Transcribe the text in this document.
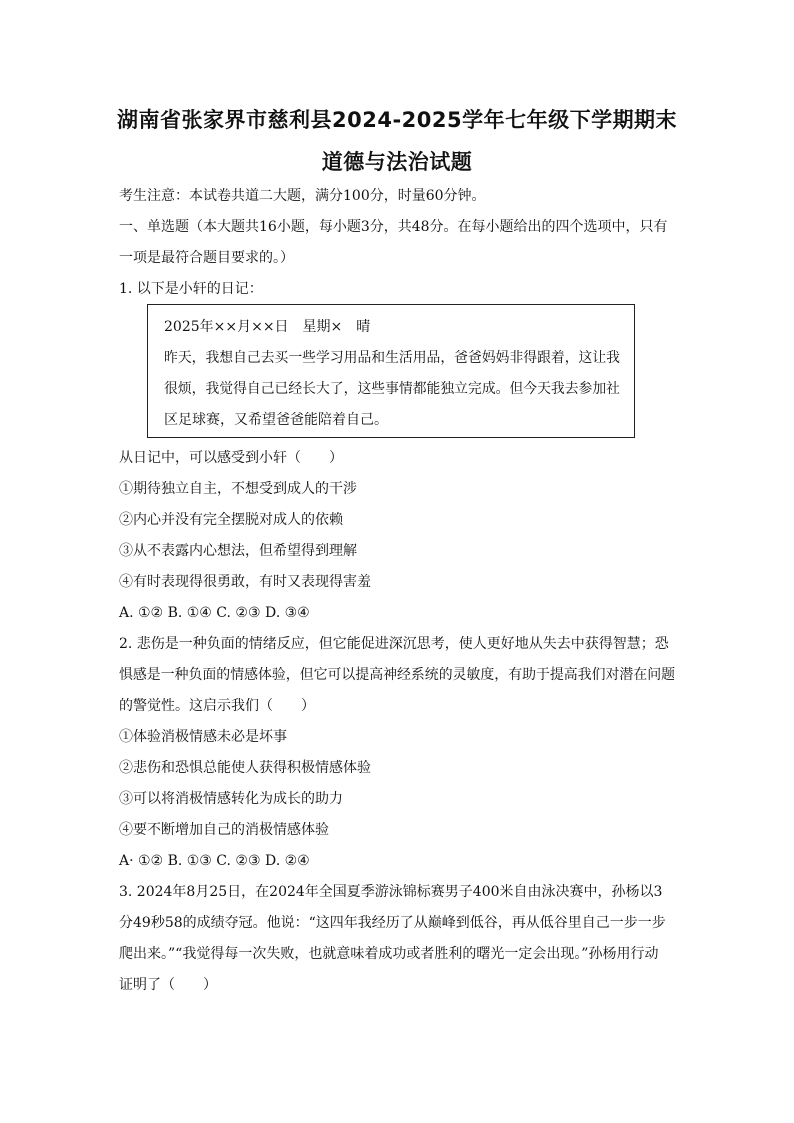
湖南省张家界市慈利县2024-2025学年七年级下学期期末
道德与法治试题
考生注意：本试卷共道二大题，满分100分，时量60分钟。
一、单选题（本大题共16小题，每小题3分，共48分。在每小题给出的四个选项中，只有
一项是最符合题目要求的。）
1. 以下是小轩的日记：
2025年××月××日　星期×　晴
昨天，我想自己去买一些学习用品和生活用品，爸爸妈妈非得跟着，这让我
很烦，我觉得自己已经长大了，这些事情都能独立完成。但今天我去参加社
区足球赛，又希望爸爸能陪着自己。
从日记中，可以感受到小轩（　　）
①期待独立自主，不想受到成人的干涉
②内心并没有完全摆脱对成人的依赖
③从不表露内心想法，但希望得到理解
④有时表现得很勇敢，有时又表现得害羞
A. ①② B. ①④ C. ②③ D. ③④
2. 悲伤是一种负面的情绪反应，但它能促进深沉思考，使人更好地从失去中获得智慧；恐
惧感是一种负面的情感体验，但它可以提高神经系统的灵敏度，有助于提高我们对潜在问题
的警觉性。这启示我们（　　）
①体验消极情感未必是坏事
②悲伤和恐惧总能使人获得积极情感体验
③可以将消极情感转化为成长的助力
④要不断增加自己的消极情感体验
A· ①② B. ①③ C. ②③ D. ②④
3. 2024年8月25日，在2024年全国夏季游泳锦标赛男子400米自由泳决赛中，孙杨以3
分49秒58的成绩夺冠。他说：“这四年我经历了从巅峰到低谷，再从低谷里自己一步一步
爬出来。”“我觉得每一次失败，也就意味着成功或者胜利的曙光一定会出现。”孙杨用行动
证明了（　　）
